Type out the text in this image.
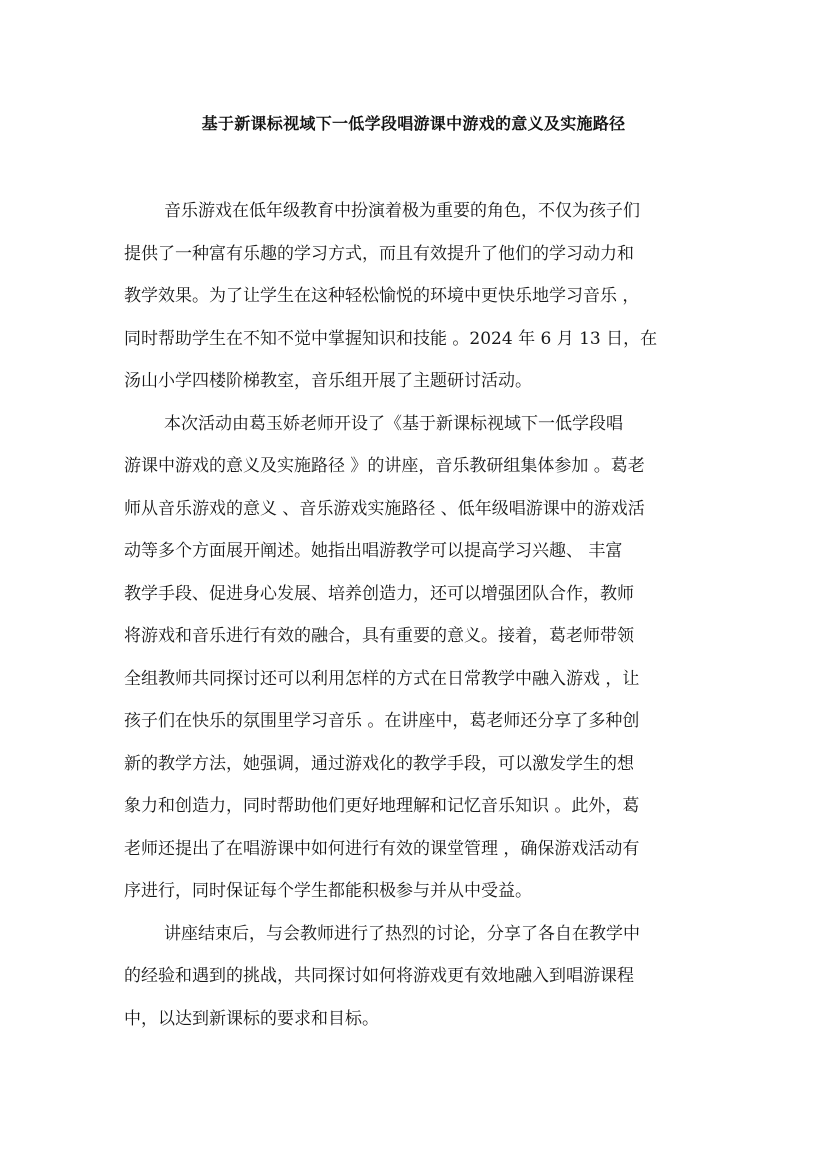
基于新课标视域下一低学段唱游课中游戏的意义及实施路径
音乐游戏在低年级教育中扮演着极为重要的角色，不仅为孩子们
提供了一种富有乐趣的学习方式，而且有效提升了他们的学习动力和
教学效果。为了让学生在这种轻松愉悦的环境中更快乐地学习音乐 ，
同时帮助学生在不知不觉中掌握知识和技能 。2024 年 6 月 13 日，在
汤山小学四楼阶梯教室，音乐组开展了主题研讨活动。
本次活动由葛玉娇老师开设了《基于新课标视域下一低学段唱
游课中游戏的意义及实施路径 》的讲座，音乐教研组集体参加 。葛老
师从音乐游戏的意义 、音乐游戏实施路径 、低年级唱游课中的游戏活
动等多个方面展开阐述。她指出唱游教学可以提高学习兴趣、 丰富
教学手段、促进身心发展、培养创造力，还可以增强团队合作，教师
将游戏和音乐进行有效的融合，具有重要的意义。接着，葛老师带领
全组教师共同探讨还可以利用怎样的方式在日常教学中融入游戏 ，让
孩子们在快乐的氛围里学习音乐 。在讲座中，葛老师还分享了多种创
新的教学方法，她强调，通过游戏化的教学手段，可以激发学生的想
象力和创造力，同时帮助他们更好地理解和记忆音乐知识 。此外，葛
老师还提出了在唱游课中如何进行有效的课堂管理 ，确保游戏活动有
序进行，同时保证每个学生都能积极参与并从中受益。
讲座结束后，与会教师进行了热烈的讨论，分享了各自在教学中
的经验和遇到的挑战，共同探讨如何将游戏更有效地融入到唱游课程
中，以达到新课标的要求和目标。
